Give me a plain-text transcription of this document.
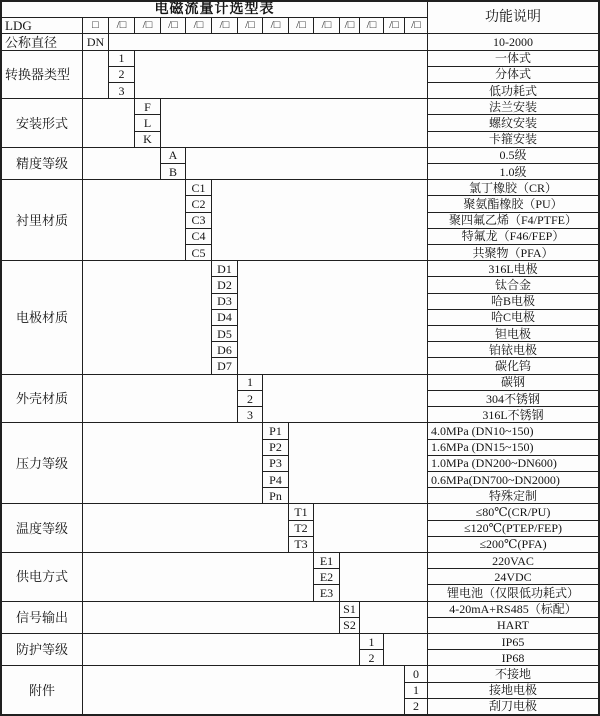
电磁流量计选型表
功能说明
LDG	□	/□	/□	/□	/□	/□	/□	/□	/□	/□	/□	/□	/□	/□
公称直径	DN	10-2000
转换器类型
1	一体式
2	分体式
3	低功耗式
安装形式
F	法兰安装
L	螺纹安装
K	卡箍安装
精度等级
A	0.5级
B	1.0级
衬里材质
C1	氯丁橡胶（CR）
C2	聚氨酯橡胶（PU）
C3	聚四氟乙烯（F4/PTFE）
C4	特氟龙（F46/FEP）
C5	共聚物（PFA）
电极材质
D1	316L电极
D2	钛合金
D3	哈B电极
D4	哈C电极
D5	钽电极
D6	铂铱电极
D7	碳化钨
外壳材质
1	碳钢
2	304不锈钢
3	316L不锈钢
压力等级
P1	4.0MPa (DN10~150)
P2	1.6MPa (DN15~150)
P3	1.0MPa (DN200~DN600)
P4	0.6MPa(DN700~DN2000)
Pn	特殊定制
温度等级
T1	≤80℃(CR/PU)
T2	≤120℃(PTEP/FEP)
T3	≤200℃(PFA)
供电方式
E1	220VAC
E2	24VDC
E3	锂电池（仅限低功耗式）
信号输出
S1	4-20mA+RS485（标配）
S2	HART
防护等级
1	IP65
2	IP68
附件
0	不接地
1	接地电极
2	刮刀电极
